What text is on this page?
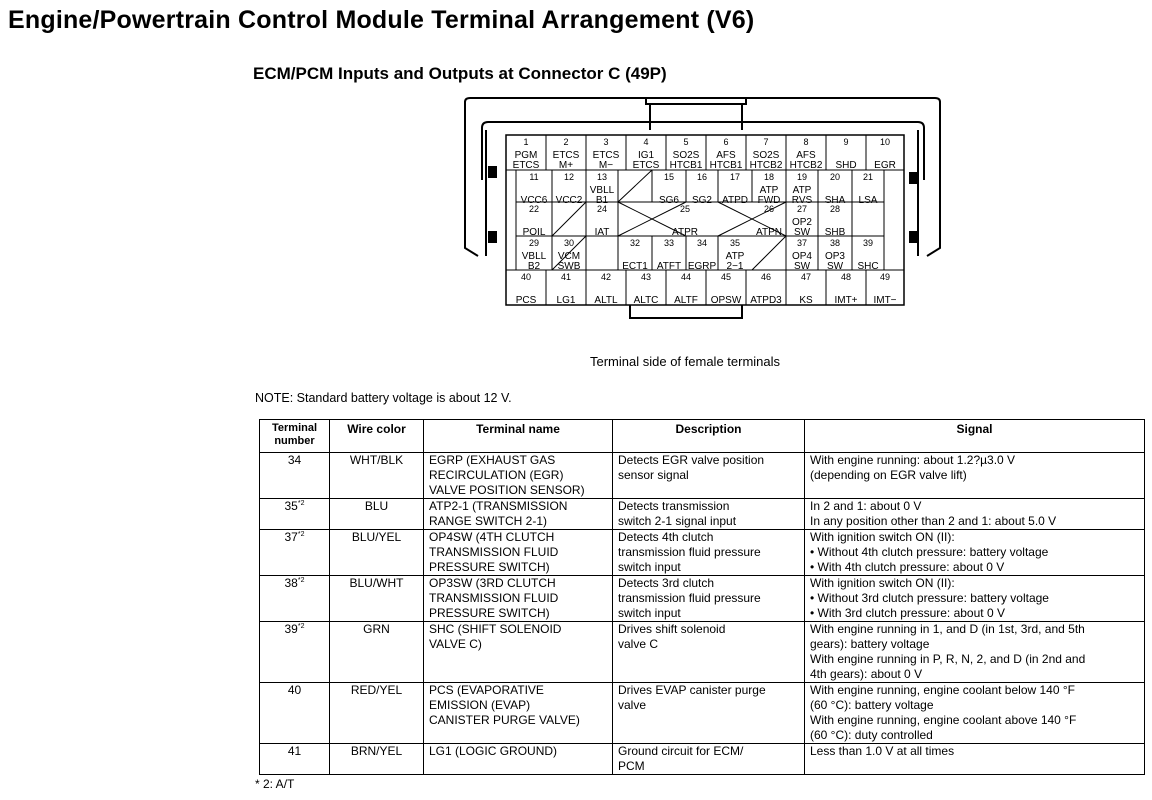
Engine/Powertrain Control Module Terminal Arrangement (V6)
ECM/PCM Inputs and Outputs at Connector C (49P)
1
PGM
ETCS
2
ETCS
M+
3
ETCS
M−
4
IG1
ETCS
5
SO2S
HTCB1
6
AFS
HTCB1
7
SO2S
HTCB2
8
AFS
HTCB2
9
SHD
10
EGR
11
VCC6
12
VCC2
13
VBLL
B1
15
SG6
16
SG2
17
ATPD
18
ATP
FWD
19
ATP
RVS
20
SHA
21
LSA
22
POIL
24
IAT
25
ATPR
26
ATPN
27
OP2
SW
28
SHB
29
VBLL
B2
30
VCM
SWB
32
ECT1
33
ATFT
34
EGRP
35
ATP
2−1
37
OP4
SW
38
OP3
SW
39
SHC
40
PCS
41
LG1
42
ALTL
43
ALTC
44
ALTF
45
OPSW
46
ATPD3
47
KS
48
IMT+
49
IMT−
Terminal side of female terminals
NOTE: Standard battery voltage is about 12 V.
Terminal
number	Wire color	Terminal name	Description	Signal
34	WHT/BLK	EGRP (EXHAUST GAS
RECIRCULATION (EGR)
VALVE POSITION SENSOR)	Detects EGR valve position
sensor signal	With engine running: about 1.2?µ3.0 V
(depending on EGR valve lift)
35$^{*2}$	BLU	ATP2-1 (TRANSMISSION
RANGE SWITCH 2-1)	Detects transmission
switch 2-1 signal input	In 2 and 1: about 0 V
In any position other than 2 and 1: about 5.0 V
37$^{*2}$	BLU/YEL	OP4SW (4TH CLUTCH
TRANSMISSION FLUID
PRESSURE SWITCH)	Detects 4th clutch
transmission fluid pressure
switch input	With ignition switch ON (II):
• Without 4th clutch pressure: battery voltage
• With 4th clutch pressure: about 0 V
38$^{*2}$	BLU/WHT	OP3SW (3RD CLUTCH
TRANSMISSION FLUID
PRESSURE SWITCH)	Detects 3rd clutch
transmission fluid pressure
switch input	With ignition switch ON (II):
• Without 3rd clutch pressure: battery voltage
• With 3rd clutch pressure: about 0 V
39$^{*2}$	GRN	SHC (SHIFT SOLENOID
VALVE C)	Drives shift solenoid
valve C	With engine running in 1, and D (in 1st, 3rd, and 5th
gears): battery voltage
With engine running in P, R, N, 2, and D (in 2nd and
4th gears): about 0 V
40	RED/YEL	PCS (EVAPORATIVE
EMISSION (EVAP)
CANISTER PURGE VALVE)	Drives EVAP canister purge
valve	With engine running, engine coolant below 140 °F
(60 °C): battery voltage
With engine running, engine coolant above 140 °F
(60 °C): duty controlled
41	BRN/YEL	LG1 (LOGIC GROUND)	Ground circuit for ECM/
PCM	Less than 1.0 V at all times
* 2: A/T
